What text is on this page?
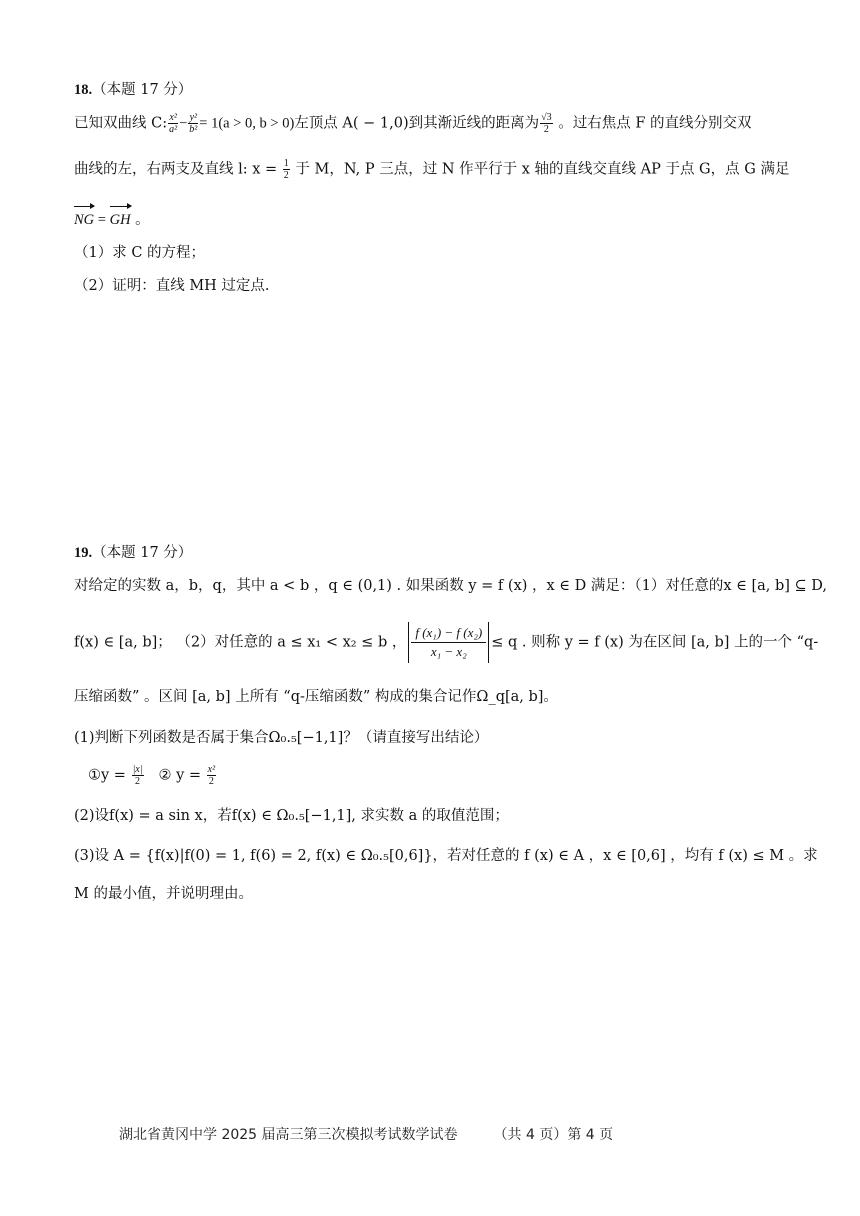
18.（本题 17 分）
已知双曲线 C: $\frac{\text{x²}}{\text{a²}} - \frac{\text{y²}}{\text{b²}} = 1(a > 0$, b > 0)左顶点 A( − 1,0)到其渐近线的距离为 $\frac{√3}{2}$ 。过右焦点 F 的直线分别交双
曲线的左，右两支及直线 l: $x = \frac{1}{2}$ 于 M，N, P 三点，过 N 作平行于 x 轴的直线交直线 AP 于点 G，点 G 满足
NG = GH 。
（1）求 C 的方程；
（2）证明：直线 MH 过定点.
19.（本题 17 分）
对给定的实数 a，b，q，其中 a < b ，q ∈ (0,1) . 如果函数 y = f (x) ，x ∈ D 满足：（1）对任意的x ∈ [a, b] ⊆ D,
f(x) ∈ [a, b]； （2）对任意的 a ≤ x₁ < x₂ ≤ b ， $\frac{\text{f (x₁) − f (x₂)}}{\text{x₁ − x₂}} \le q$ . 则称 y = f (x) 为在区间 [a, b] 上的一个 “q-
压缩函数” 。区间 [a, b] 上所有 “q-压缩函数” 构成的集合记作Ω_q[a, b]。
(1)判断下列函数是否属于集合Ω₀.₅[−1,1]？（请直接写出结论）
①y = $\frac{|x|}{2}$ ② $y = \frac{\text{x²}}{2}$
(2)设f(x) = a sin x，若f(x) ∈ Ω₀.₅[−1,1], 求实数 a 的取值范围；
(3)设 A = {f(x)|f(0) = 1, f(6) = 2, f(x) ∈ Ω₀.₅[0,6]}，若对任意的 f (x) ∈ A ，x ∈ [0,6] ，均有 f (x) ≤ M 。求
M 的最小值，并说明理由。
湖北省黄冈中学 2025 届高三第三次模拟考试数学试卷	（共 4 页）第 4 页
